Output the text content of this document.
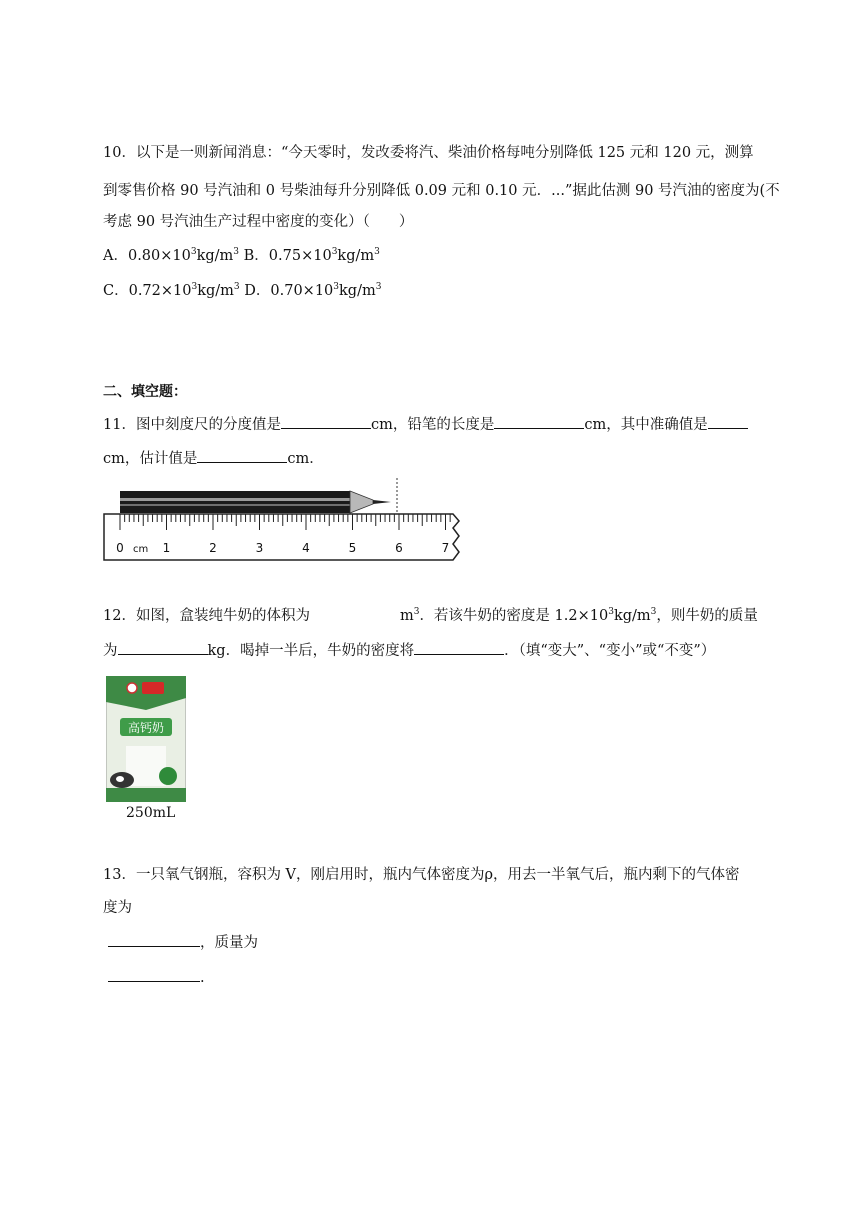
10．以下是一则新闻消息：“今天零时，发改委将汽、柴油价格每吨分别降低 125 元和 120 元，测算
到零售价格 90 号汽油和 0 号柴油每升分别降低 0.09 元和 0.10 元．...”据此估测 90 号汽油的密度为(不
考虑 90 号汽油生产过程中密度的变化）（　　）
A．$0.80\times 10^3kg/m^3$ B．$0.75\times 10^3kg/m^3$
C．$0.72\times 10^3kg/m^3$ D．$0.70\times 10^3kg/m^3$
二、填空题：
11．图中刻度尺的分度值是	cm，铅笔的长度是	cm，其中准确值是
cm，估计值是	cm．
0	1	2	3	4	5	6	7
cm
12．如图，盒装纯牛奶的体积为	$m^3$．若该牛奶的密度是 $1.2\times 10^3kg/m^3$，则牛奶的质量
为	kg．喝掉一半后，牛奶的密度将	．（填“变大”、“变小”或“不变”）
高钙奶
250mL
13．一只氧气钢瓶，容积为 V，刚启用时，瓶内气体密度为ρ，用去一半氧气后，瓶内剩下的气体密
度为
，质量为
.
